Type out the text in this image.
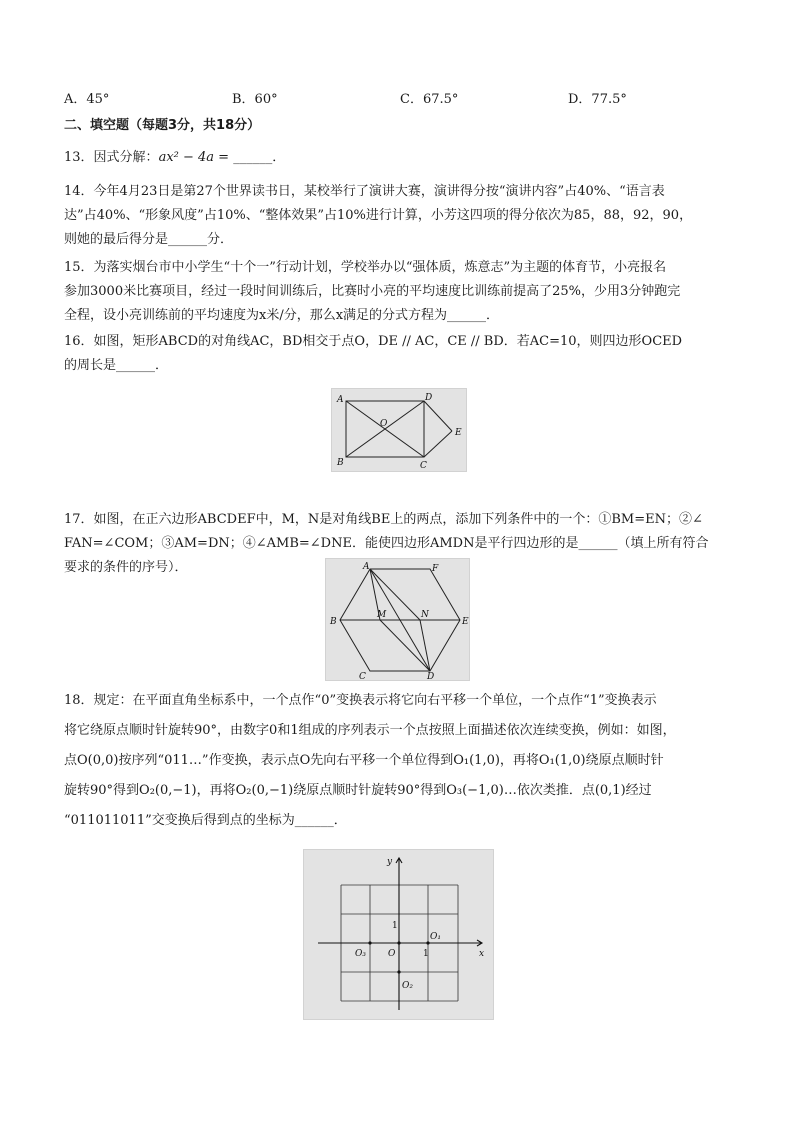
A．45°	B．60°	C．67.5°	D．77.5°
二、填空题（每题3分，共18分）
13．因式分解：ax² − 4a = ______．
14．今年4月23日是第27个世界读书日，某校举行了演讲大赛，演讲得分按“演讲内容”占40%、“语言表
达”占40%、“形象风度”占10%、“整体效果”占10%进行计算，小芳这四项的得分依次为85，88，92，90，
则她的最后得分是______分．
15．为落实烟台市中小学生“十个一”行动计划，学校举办以“强体质，炼意志”为主题的体育节，小亮报名
参加3000米比赛项目，经过一段时间训练后，比赛时小亮的平均速度比训练前提高了25%，少用3分钟跑完
全程，设小亮训练前的平均速度为x米/分，那么x满足的分式方程为______．
16．如图，矩形ABCD的对角线AC，BD相交于点O，DE // AC，CE // BD．若AC=10，则四边形OCED
的周长是______．
A	D
B	C
O
E
17．如图，在正六边形ABCDEF中，M，N是对角线BE上的两点，添加下列条件中的一个：①BM=EN；②∠
FAN=∠COM；③AM=DN；④∠AMB=∠DNE．能使四边形AMDN是平行四边形的是______（填上所有符合
要求的条件的序号）．	A	F
B	E
C	D
M	N
18．规定：在平面直角坐标系中，一个点作“0”变换表示将它向右平移一个单位，一个点作“1”变换表示
将它绕原点顺时针旋转90°，由数字0和1组成的序列表示一个点按照上面描述依次连续变换，例如：如图，
点O(0,0)按序列“011…”作变换，表示点O先向右平移一个单位得到O₁(1,0)，再将O₁(1,0)绕原点顺时针
旋转90°得到O₂(0,−1)，再将O₂(0,−1)绕原点顺时针旋转90°得到O₃(−1,0)…依次类推．点(0,1)经过
“011011011”交变换后得到点的坐标为______．
x
y
O	1
1
O₁
O₂
O₃
